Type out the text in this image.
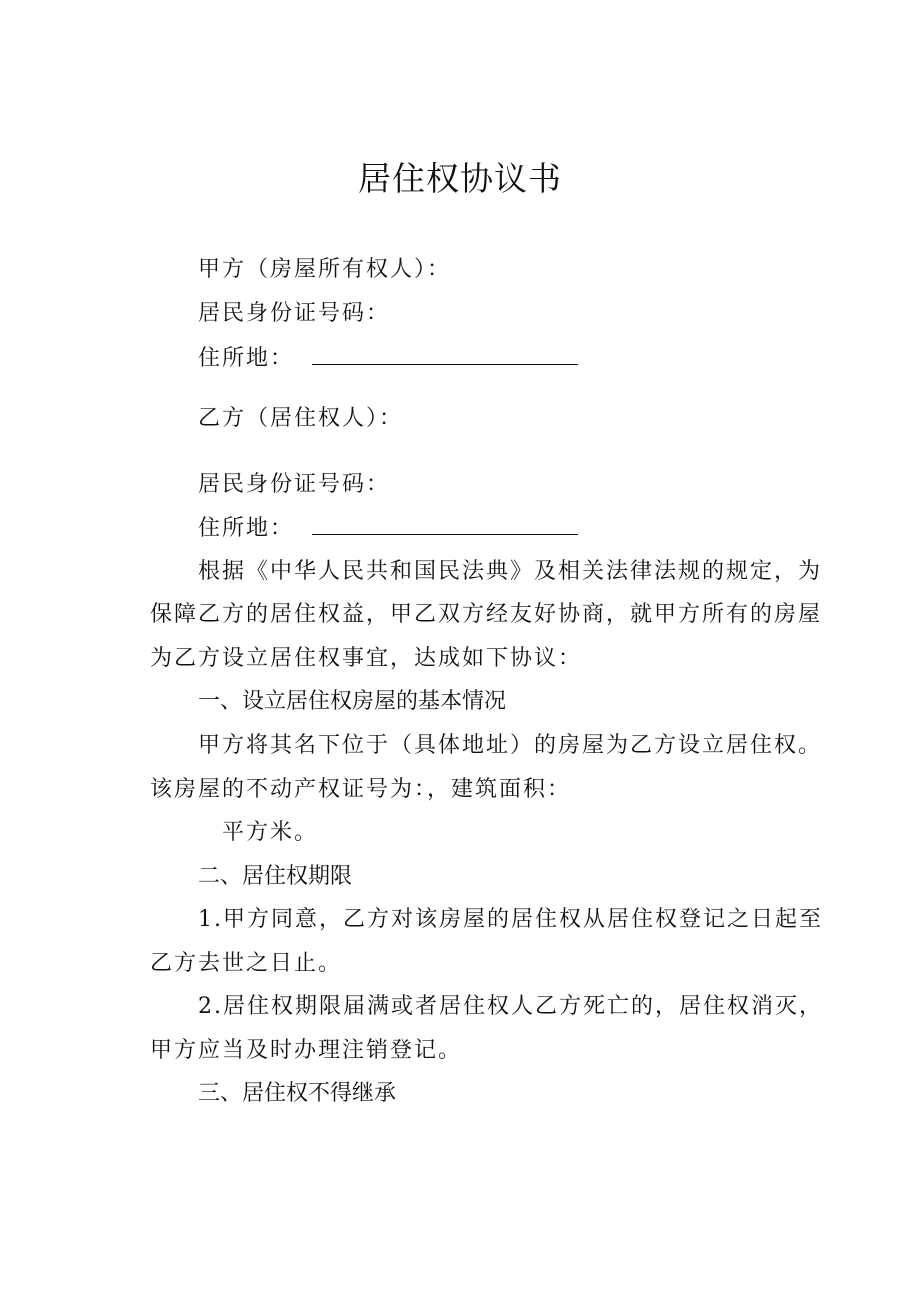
居住权协议书
甲方（房屋所有权人）：
居民身份证号码：
住所地：
乙方（居住权人）：
居民身份证号码：
住所地：
根据《中华人民共和国民法典》及相关法律法规的规定，为
保障乙方的居住权益，甲乙双方经友好协商，就甲方所有的房屋
为乙方设立居住权事宜，达成如下协议：
一、设立居住权房屋的基本情况
甲方将其名下位于（具体地址）的房屋为乙方设立居住权。
该房屋的不动产权证号为：，建筑面积：
平方米。
二、居住权期限
1.甲方同意，乙方对该房屋的居住权从居住权登记之日起至
乙方去世之日止。
2.居住权期限届满或者居住权人乙方死亡的，居住权消灭，
甲方应当及时办理注销登记。
三、居住权不得继承
